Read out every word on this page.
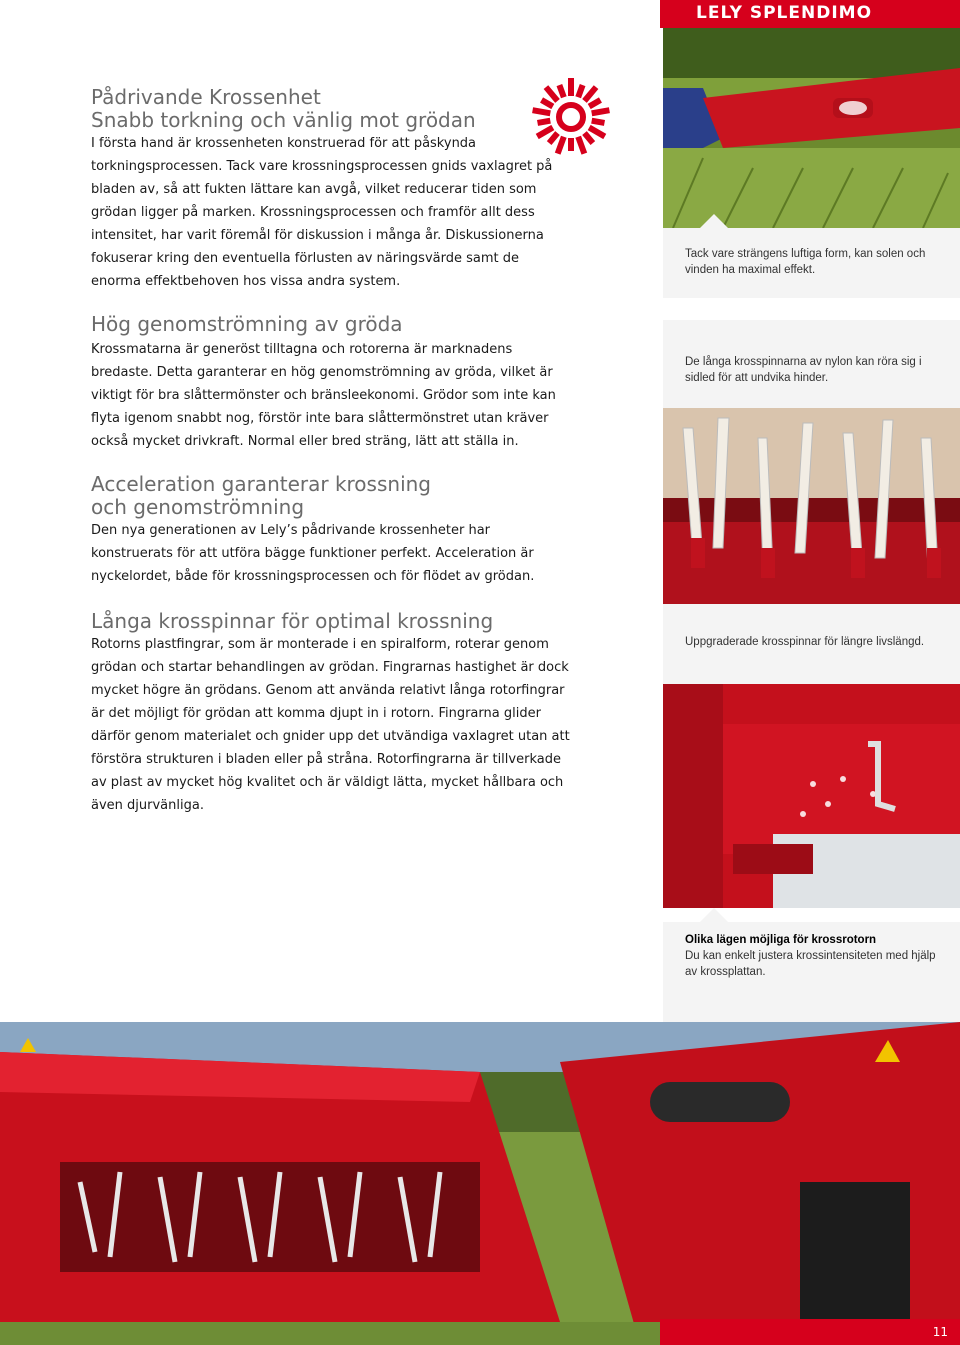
LELY SPLENDIMO
Pådrivande Krossenhet
Snabb torkning och vänlig mot grödan

I första hand är krossenheten konstruerad för att påskynda torkningsprocessen. Tack vare krossningsprocessen gnids vaxlagret på bladen av, så att fukten lättare kan avgå, vilket reducerar tiden som grödan ligger på marken. Krossningsprocessen och framför allt dess intensitet, har varit föremål för diskussion i många år. Diskussionerna fokuserar kring den eventuella förlusten av näringsvärde samt de enorma effektbehoven hos vissa andra system.

Hög genomströmning av gröda

Krossmatarna är generöst tilltagna och rotorerna är marknadens bredaste. Detta garanterar en hög genomströmning av gröda, vilket är viktigt för bra slåttermönster och bränsleekonomi. Grödor som inte kan flyta igenom snabbt nog, förstör inte bara slåttermönstret utan kräver också mycket drivkraft. Normal eller bred sträng, lätt att ställa in.

Acceleration garanterar krossning
och genomströmning

Den nya generationen av Lely’s pådrivande krossenheter har konstruerats för att utföra bägge funktioner perfekt. Acceleration är nyckelordet, både för krossningsprocessen och för flödet av grödan.

Långa krosspinnar för optimal krossning

Rotorns plastfingrar, som är monterade i en spiralform, roterar genom grödan och startar behandlingen av grödan. Fingrarnas hastighet är dock mycket högre än grödans. Genom att använda relativt långa rotorfingrar är det möjligt för grödan att komma djupt in i rotorn. Fingrarna glider därför genom materialet och gnider upp det utvändiga vaxlagret utan att förstöra strukturen i bladen eller på stråna. Rotorfingrarna är tillverkade av plast av mycket hög kvalitet och är väldigt lätta, mycket hållbara och även djurvänliga.

Tack vare strängens luftiga form, kan solen och vinden ha maximal effekt.
De långa krosspinnarna av nylon kan röra sig i sidled för att undvika hinder.
Uppgraderade krosspinnar för längre livslängd.
Olika lägen möjliga för krossrotorn
Du kan enkelt justera krossintensiteten med hjälp av krossplattan.
11
